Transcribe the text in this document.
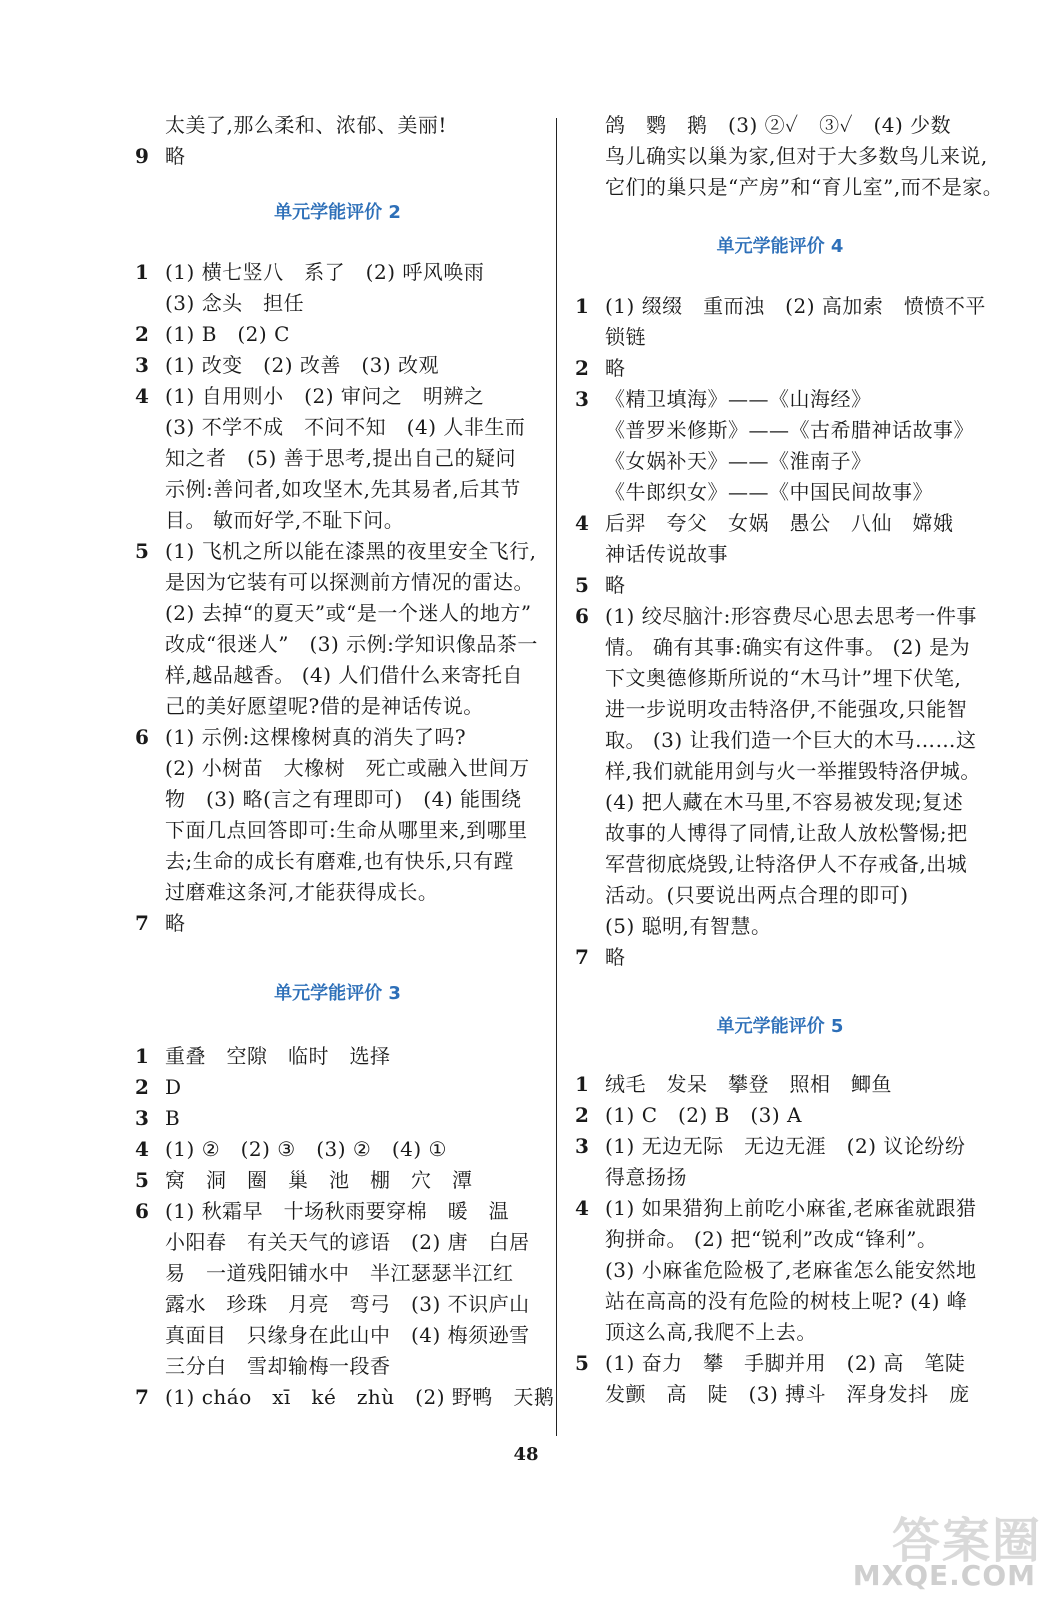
太美了,那么柔和、浓郁、美丽!
9 略
单元学能评价 2
1 (1) 横七竖八　系了　(2) 呼风唤雨
(3) 念头　担任
2 (1) B　(2) C
3 (1) 改变　(2) 改善　(3) 改观
4 (1) 自用则小　(2) 审问之　明辨之
(3) 不学不成　不问不知　(4) 人非生而
知之者　(5) 善于思考,提出自己的疑问
示例:善问者,如攻坚木,先其易者,后其节
目。 敏而好学,不耻下问。
5 (1) 飞机之所以能在漆黑的夜里安全飞行,
是因为它装有可以探测前方情况的雷达。
(2) 去掉“的夏天”或“是一个迷人的地方”
改成“很迷人”　(3) 示例:学知识像品茶一
样,越品越香。 (4) 人们借什么来寄托自
己的美好愿望呢?借的是神话传说。
6 (1) 示例:这棵橡树真的消失了吗?
(2) 小树苗　大橡树　死亡或融入世间万
物　(3) 略(言之有理即可)　(4) 能围绕
下面几点回答即可:生命从哪里来,到哪里
去;生命的成长有磨难,也有快乐,只有蹚
过磨难这条河,才能获得成长。
7 略
单元学能评价 3
1 重叠　空隙　临时　选择
2 D
3 B
4 (1) ②　(2) ③　(3) ②　(4) ①
5 窝　洞　圈　巢　池　棚　穴　潭
6 (1) 秋霜早　十场秋雨要穿棉　暖　温
小阳春　有关天气的谚语　(2) 唐　白居
易　一道残阳铺水中　半江瑟瑟半江红
露水　珍珠　月亮　弯弓　(3) 不识庐山
真面目　只缘身在此山中　(4) 梅须逊雪
三分白　雪却输梅一段香
7 (1) cháo　xī　ké　zhù　(2) 野鸭　天鹅
鸽　鹦　鹅　(3) ②✓　③✓　(4) 少数
鸟儿确实以巢为家,但对于大多数鸟儿来说,
它们的巢只是“产房”和“育儿室”,而不是家。
单元学能评价 4
1 (1) 缀缀　重而浊　(2) 高加索　愤愤不平
锁链
2 略
3 《精卫填海》——《山海经》
《普罗米修斯》——《古希腊神话故事》
《女娲补天》——《淮南子》
《牛郎织女》——《中国民间故事》
4 后羿　夸父　女娲　愚公　八仙　嫦娥
神话传说故事
5 略
6 (1) 绞尽脑汁:形容费尽心思去思考一件事
情。 确有其事:确实有这件事。 (2) 是为
下文奥德修斯所说的“木马计”埋下伏笔,
进一步说明攻击特洛伊,不能强攻,只能智
取。 (3) 让我们造一个巨大的木马……这
样,我们就能用剑与火一举摧毁特洛伊城。
(4) 把人藏在木马里,不容易被发现;复述
故事的人博得了同情,让敌人放松警惕;把
军营彻底烧毁,让特洛伊人不存戒备,出城
活动。(只要说出两点合理的即可)
(5) 聪明,有智慧。
7 略
单元学能评价 5
1 绒毛　发呆　攀登　照相　鲫鱼
2 (1) C　(2) B　(3) A
3 (1) 无边无际　无边无涯　(2) 议论纷纷
得意扬扬
4 (1) 如果猎狗上前吃小麻雀,老麻雀就跟猎
狗拼命。 (2) 把“锐利”改成“锋利”。
(3) 小麻雀危险极了,老麻雀怎么能安然地
站在高高的没有危险的树枝上呢? (4) 峰
顶这么高,我爬不上去。
5 (1) 奋力　攀　手脚并用　(2) 高　笔陡
发颤　高　陡　(3) 搏斗　浑身发抖　庞
48
答案圈
MXQE.COM
